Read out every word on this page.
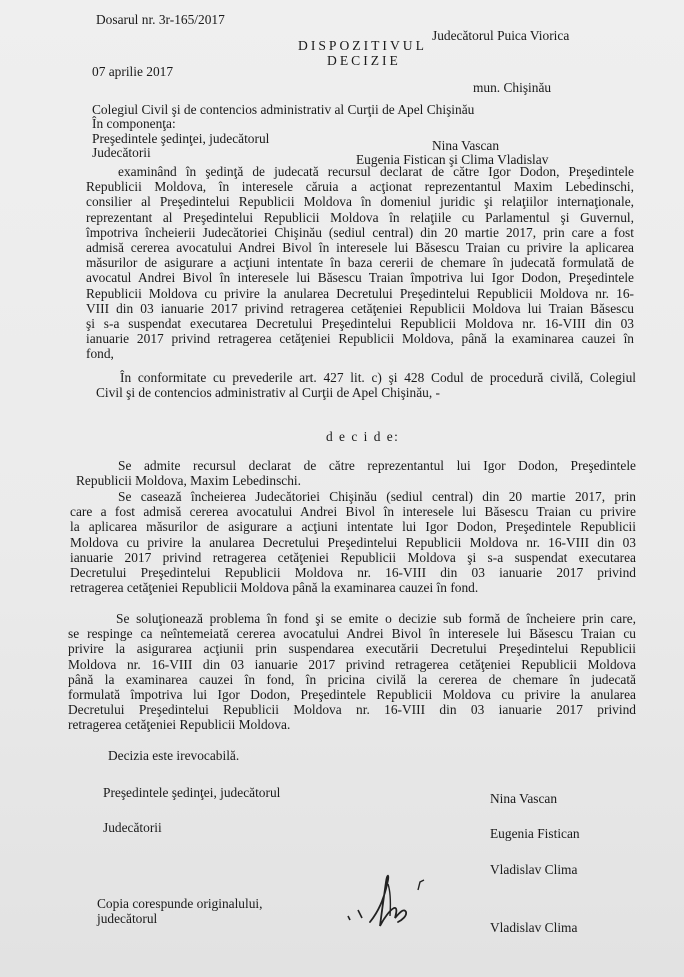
Dosarul nr. 3r-165/2017
Judecătorul Puica Viorica
DISPOZITIVUL
DECIZIE
07 aprilie 2017
mun. Chişinău
Colegiul Civil şi de contencios administrativ al Curţii de Apel Chişinău
În componenţa:
Preşedintele şedinţei, judecătorul	Nina Vascan
Judecătorii	Eugenia Fistican şi Clima Vladislav
examinând în şedinţă de judecată recursul declarat de către Igor Dodon, Preşedintele
Republicii Moldova, în interesele căruia a acţionat reprezentantul Maxim Lebedinschi,
consilier al Preşedintelui Republicii Moldova în domeniul juridic şi relaţiilor internaţionale,
reprezentant al Preşedintelui Republicii Moldova în relaţiile cu Parlamentul şi Guvernul,
împotriva încheierii Judecătoriei Chişinău (sediul central) din 20 martie 2017, prin care a fost
admisă cererea avocatului Andrei Bivol în interesele lui Băsescu Traian cu privire la aplicarea
măsurilor de asigurare a acţiuni intentate în baza cererii de chemare în judecată formulată de
avocatul Andrei Bivol în interesele lui Băsescu Traian împotriva lui Igor Dodon, Preşedintele
Republicii Moldova cu privire la anularea Decretului Preşedintelui Republicii Moldova nr. 16-
VIII din 03 ianuarie 2017 privind retragerea cetăţeniei Republicii Moldova lui Traian Băsescu
şi s-a suspendat executarea Decretului Preşedintelui Republicii Moldova nr. 16-VIII din 03
ianuarie 2017 privind retragerea cetăţeniei Republicii Moldova, până la examinarea cauzei în
fond,
În conformitate cu prevederile art. 427 lit. c) şi 428 Codul de procedură civilă, Colegiul
Civil şi de contencios administrativ al Curţii de Apel Chişinău, -
d e c i d e:
Se admite recursul declarat de către reprezentantul lui Igor Dodon, Preşedintele
Republicii Moldova, Maxim Lebedinschi.
Se casează încheierea Judecătoriei Chişinău (sediul central) din 20 martie 2017, prin
care a fost admisă cererea avocatului Andrei Bivol în interesele lui Băsescu Traian cu privire
la aplicarea măsurilor de asigurare a acţiuni intentate lui Igor Dodon, Preşedintele Republicii
Moldova cu privire la anularea Decretului Preşedintelui Republicii Moldova nr. 16-VIII din 03
ianuarie 2017 privind retragerea cetăţeniei Republicii Moldova şi s-a suspendat executarea
Decretului Preşedintelui Republicii Moldova nr. 16-VIII din 03 ianuarie 2017 privind
retragerea cetăţeniei Republicii Moldova până la examinarea cauzei în fond.
Se soluţionează problema în fond şi se emite o decizie sub formă de încheiere prin care,
se respinge ca neîntemeiată cererea avocatului Andrei Bivol în interesele lui Băsescu Traian cu
privire la asigurarea acţiunii prin suspendarea executării Decretului Preşedintelui Republicii
Moldova nr. 16-VIII din 03 ianuarie 2017 privind retragerea cetăţeniei Republicii Moldova
până la examinarea cauzei în fond, în pricina civilă la cererea de chemare în judecată
formulată împotriva lui Igor Dodon, Preşedintele Republicii Moldova cu privire la anularea
Decretului Preşedintelui Republicii Moldova nr. 16-VIII din 03 ianuarie 2017 privind
retragerea cetăţeniei Republicii Moldova.
Decizia este irevocabilă.
Preşedintele şedinţei, judecătorul	Nina Vascan
Judecătorii	Eugenia Fistican
Vladislav Clima
Copia corespunde originalului,
judecătorul
Vladislav Clima
